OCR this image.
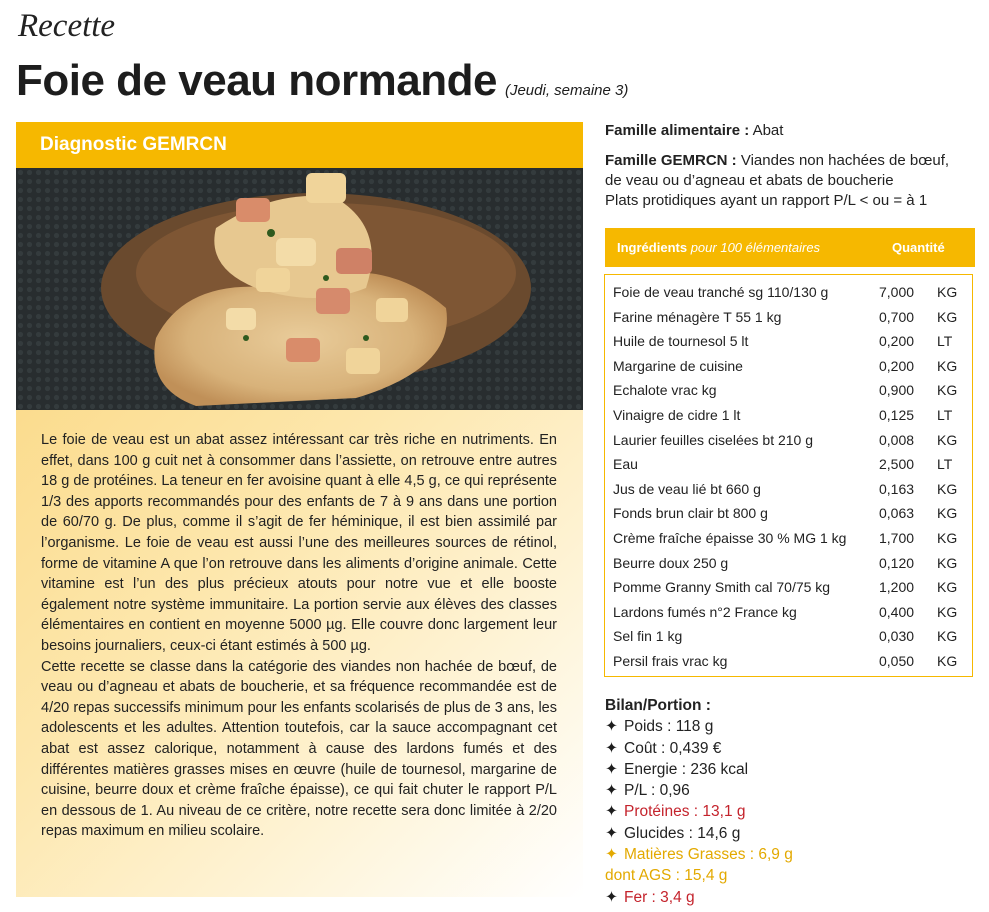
Recette
Foie de veau normande (Jeudi, semaine 3)
Diagnostic GEMRCN

Le foie de veau est un abat assez intéressant car très riche en nutriments. En effet, dans 100 g cuit net à consommer dans l’assiette, on retrouve entre autres 18 g de protéines. La teneur en fer avoisine quant à elle 4,5 g, ce qui représente 1/3 des apports recommandés pour des enfants de 7 à 9 ans dans une portion de 60/70 g. De plus, comme il s’agit de fer héminique, il est bien assimilé par l’organisme. Le foie de veau est aussi l’une des meilleures sources de rétinol, forme de vitamine A que l’on retrouve dans les aliments d’origine animale. Cette vitamine est l’un des plus précieux atouts pour notre vue et elle booste également notre système immunitaire. La portion servie aux élèves des classes élémentaires en contient en moyenne 5000 µg. Elle couvre donc largement leur besoins journaliers, ceux-ci étant estimés à 500 µg.

Cette recette se classe dans la catégorie des viandes non hachée de bœuf, de veau ou d’agneau et abats de boucherie, et sa fréquence recommandée est de 4/20 repas successifs minimum pour les enfants scolarisés de plus de 3 ans, les adolescents et les adultes. Attention toutefois, car la sauce accompagnant cet abat est assez calorique, notamment à cause des lardons fumés et des différentes matières grasses mises en œuvre (huile de tournesol, margarine de cuisine, beurre doux et crème fraîche épaisse), ce qui fait chuter le rapport P/L en dessous de 1. Au niveau de ce critère, notre recette sera donc limitée à 2/20 repas maximum en milieu scolaire.

Famille alimentaire : Abat
Famille GEMRCN : Viandes non hachées de bœuf,
de veau ou d’agneau et abats de boucherie
Plats protidiques ayant un rapport P/L < ou = à 1
Ingrédients pour 100 élémentaires	Quantité
Foie de veau tranché sg 110/130 g	7,000 KG
Farine ménagère T 55 1 kg	0,700 KG
Huile de tournesol 5 lt	0,200 LT
Margarine de cuisine	0,200 KG
Echalote vrac kg	0,900 KG
Vinaigre de cidre 1 lt	0,125 LT
Laurier feuilles ciselées bt 210 g	0,008 KG
Eau	2,500 LT
Jus de veau lié bt 660 g	0,163 KG
Fonds brun clair bt 800 g	0,063 KG
Crème fraîche épaisse 30 % MG 1 kg 1,700 KG
Beurre doux 250 g	0,120 KG
Pomme Granny Smith cal 70/75 kg	1,200 KG
Lardons fumés n°2 France kg	0,400 KG
Sel fin 1 kg	0,030 KG
Persil frais vrac kg	0,050 KG
Bilan/Portion :
✦ Poids : 118 g
✦ Coût : 0,439 €
✦ Energie : 236 kcal
✦ P/L : 0,96
✦ Protéines : 13,1 g
✦ Glucides : 14,6 g
✦ Matières Grasses : 6,9 g
dont AGS : 15,4 g
✦ Fer : 3,4 g
